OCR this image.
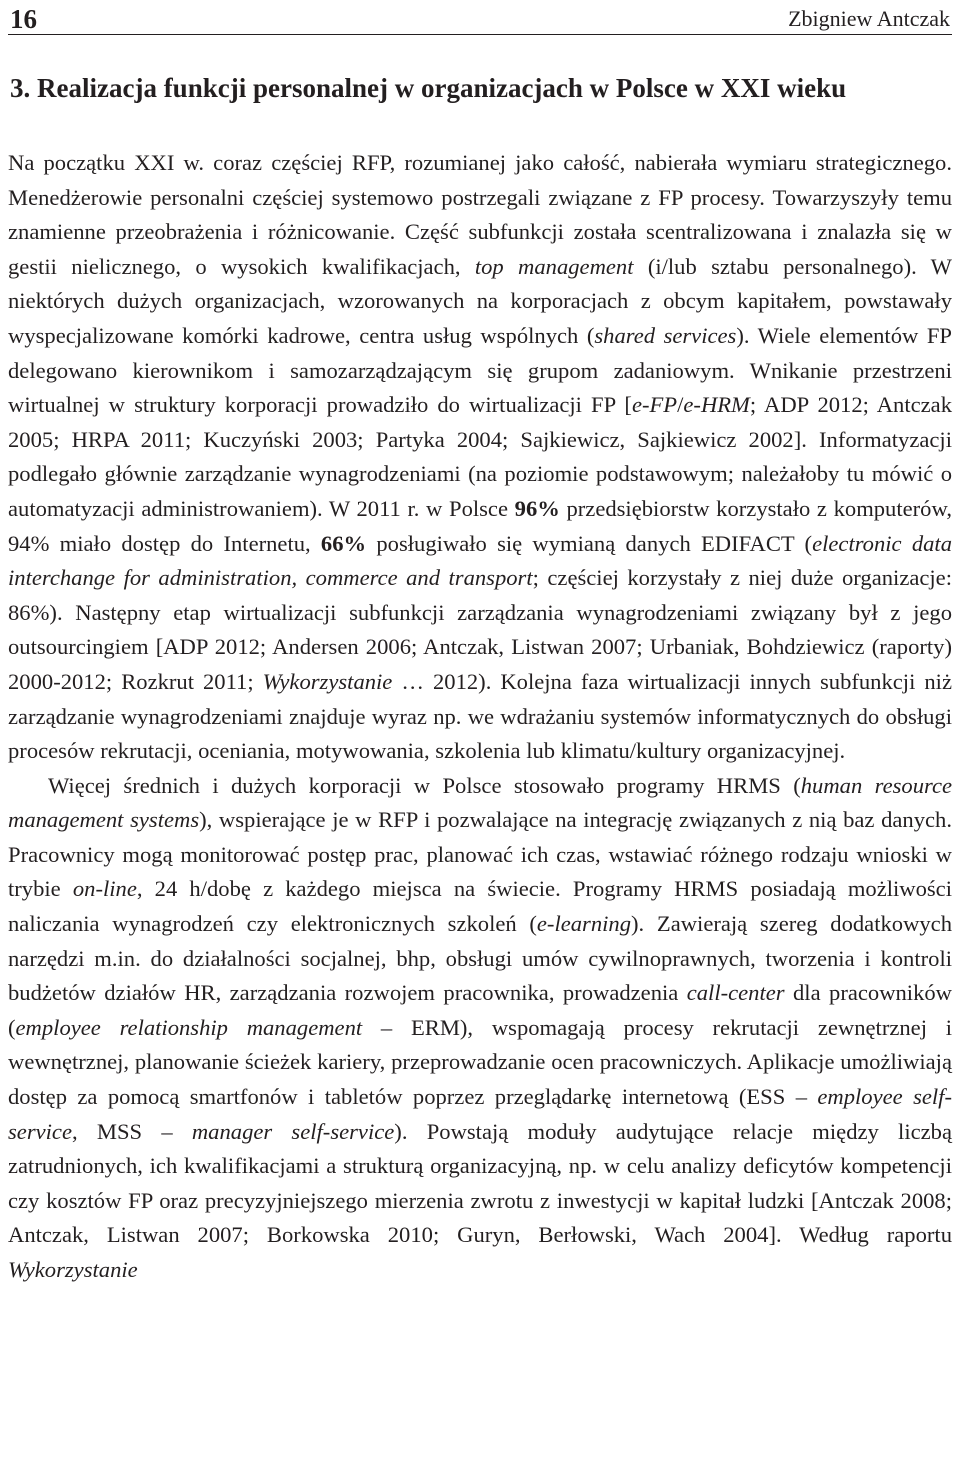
16	Zbigniew Antczak
3. Realizacja funkcji personalnej w organizacjach w Polsce w XXI wieku

Na początku XXI w. coraz częściej RFP, rozumianej jako całość, nabierała wymiaru strategicznego. Menedżerowie personalni częściej systemowo postrzegali związane z FP procesy. Towarzyszyły temu znamienne przeobrażenia i różnicowanie. Część subfunkcji została scentralizowana i znalazła się w gestii nielicznego, o wysokich kwalifikacjach, top management (i/lub sztabu personalnego). W niektórych dużych organizacjach, wzorowanych na korporacjach z obcym kapitałem, powstawały wyspecjalizowane komórki kadrowe, centra usług wspólnych (shared services). Wiele elementów FP delegowano kierownikom i samozarządzającym się grupom zadaniowym. Wnikanie przestrzeni wirtualnej w struktury korporacji prowadziło do wirtualizacji FP [e-FP/e-HRM; ADP 2012; Antczak 2005; HRPA 2011; Kuczyński 2003; Partyka 2004; Sajkiewicz, Sajkiewicz 2002]. Informatyzacji podlegało głównie zarządzanie wynagrodzeniami (na poziomie podstawowym; należałoby tu mówić o automatyzacji administrowaniem). W 2011 r. w Polsce 96% przedsiębiorstw korzystało z komputerów, 94% miało dostęp do Internetu, 66% posługiwało się wymianą danych EDIFACT (electronic data interchange for administration, commerce and transport; częściej korzystały z niej duże organizacje: 86%). Następny etap wirtualizacji subfunkcji zarządzania wynagrodzeniami związany był z jego outsourcingiem [ADP 2012; Andersen 2006; Antczak, Listwan 2007; Urbaniak, Bohdziewicz (raporty) 2000-2012; Rozkrut 2011; Wykorzystanie … 2012). Kolejna faza wirtualizacji innych subfunkcji niż zarządzanie wynagrodzeniami znajduje wyraz np. we wdrażaniu systemów informatycznych do obsługi procesów rekrutacji, oceniania, motywowania, szkolenia lub klimatu/kultury organizacyjnej.

Więcej średnich i dużych korporacji w Polsce stosowało programy HRMS (human resource management systems), wspierające je w RFP i pozwalające na integrację związanych z nią baz danych. Pracownicy mogą monitorować postęp prac, planować ich czas, wstawiać różnego rodzaju wnioski w trybie on-line, 24 h/dobę z każdego miejsca na świecie. Programy HRMS posiadają możliwości naliczania wynagrodzeń czy elektronicznych szkoleń (e-learning). Zawierają szereg dodatkowych narzędzi m.in. do działalności socjalnej, bhp, obsługi umów cywilnoprawnych, tworzenia i kontroli budżetów działów HR, zarządzania rozwojem pracownika, prowadzenia call-center dla pracowników (employee relationship management – ERM), wspomagają procesy rekrutacji zewnętrznej i wewnętrznej, planowanie ścieżek kariery, przeprowadzanie ocen pracowniczych. Aplikacje umożliwiają dostęp za pomocą smartfonów i tabletów poprzez przeglądarkę internetową (ESS – employee self-service, MSS – manager self-service). Powstają moduły audytujące relacje między liczbą zatrudnionych, ich kwalifikacjami a strukturą organizacyjną, np. w celu analizy deficytów kompetencji czy kosztów FP oraz precyzyjniejszego mierzenia zwrotu z inwestycji w kapitał ludzki [Antczak 2008; Antczak, Listwan 2007; Borkowska 2010; Guryn, Berłowski, Wach 2004]. Według raportu Wykorzystanie
